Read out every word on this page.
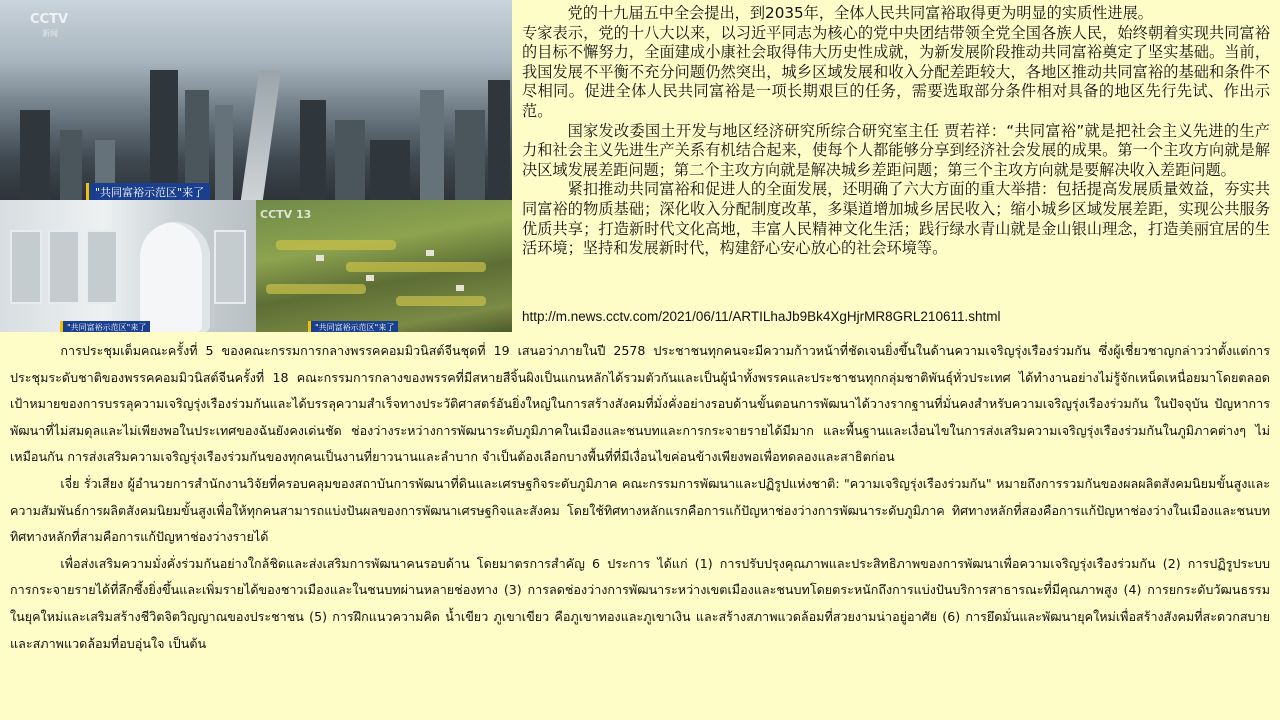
CCTV
新闻
"共同富裕示范区"来了
"共同富裕示范区"来了
CCTV 13
"共同富裕示范区"来了

党的十九届五中全会提出，到2035年，全体人民共同富裕取得更为明显的实质性进展。

专家表示，党的十八大以来，以习近平同志为核心的党中央团结带领全党全国各族人民，始终朝着实现共同富裕的目标不懈努力，全面建成小康社会取得伟大历史性成就，为新发展阶段推动共同富裕奠定了坚实基础。当前，我国发展不平衡不充分问题仍然突出，城乡区域发展和收入分配差距较大，各地区推动共同富裕的基础和条件不尽相同。促进全体人民共同富裕是一项长期艰巨的任务，需要选取部分条件相对具备的地区先行先试、作出示范。

国家发改委国土开发与地区经济研究所综合研究室主任 贾若祥：“共同富裕”就是把社会主义先进的生产力和社会主义先进生产关系有机结合起来，使每个人都能够分享到经济社会发展的成果。第一个主攻方向就是解决区域发展差距问题；第二个主攻方向就是解决城乡差距问题；第三个主攻方向就是要解决收入差距问题。

紧扣推动共同富裕和促进人的全面发展，还明确了六大方面的重大举措：包括提高发展质量效益，夯实共同富裕的物质基础；深化收入分配制度改革，多渠道增加城乡居民收入；缩小城乡区域发展差距，实现公共服务优质共享；打造新时代文化高地，丰富人民精神文化生活；践行绿水青山就是金山银山理念，打造美丽宜居的生活环境；坚持和发展新时代，构建舒心安心放心的社会环境等。

http://m.news.cctv.com/2021/06/11/ARTILhaJb9Bk4XgHjrMR8GRL210611.shtml

การประชุมเต็มคณะครั้งที่ 5 ของคณะกรรมการกลางพรรคคอมมิวนิสต์จีนชุดที่ 19 เสนอว่าภายในปี 2578 ประชาชนทุกคนจะมีความก้าวหน้าที่ชัดเจนยิ่งขึ้นในด้านความเจริญรุ่งเรืองร่วมกัน ซึ่งผู้เชี่ยวชาญกล่าวว่าตั้งแต่การประชุมระดับชาติของพรรคคอมมิวนิสต์จีนครั้งที่ 18 คณะกรรมการกลางของพรรคที่มีสหายสีจิ้นผิงเป็นแกนหลักได้รวมตัวกันและเป็นผู้นำทั้งพรรคและประชาชนทุกกลุ่มชาติพันธุ์ทั่วประเทศ ได้ทำงานอย่างไม่รู้จักเหน็ดเหนื่อยมาโดยตลอด เป้าหมายของการบรรลุความเจริญรุ่งเรืองร่วมกันและได้บรรลุความสำเร็จทางประวัติศาสตร์อันยิ่งใหญ่ในการสร้างสังคมที่มั่งคั่งอย่างรอบด้านขั้นตอนการพัฒนาได้วางรากฐานที่มั่นคงสำหรับความเจริญรุ่งเรืองร่วมกัน ในปัจจุบัน ปัญหาการพัฒนาที่ไม่สมดุลและไม่เพียงพอในประเทศของฉันยังคงเด่นชัด ช่องว่างระหว่างการพัฒนาระดับภูมิภาคในเมืองและชนบทและการกระจายรายได้มีมาก และพื้นฐานและเงื่อนไขในการส่งเสริมความเจริญรุ่งเรืองร่วมกันในภูมิภาคต่างๆ ไม่เหมือนกัน การส่งเสริมความเจริญรุ่งเรืองร่วมกันของทุกคนเป็นงานที่ยาวนานและลำบาก จำเป็นต้องเลือกบางพื้นที่ที่มีเงื่อนไขค่อนข้างเพียงพอเพื่อทดลองและสาธิตก่อน

เจี่ย รั่วเสียง ผู้อำนวยการสำนักงานวิจัยที่ครอบคลุมของสถาบันการพัฒนาที่ดินและเศรษฐกิจระดับภูมิภาค คณะกรรมการพัฒนาและปฏิรูปแห่งชาติ: "ความเจริญรุ่งเรืองร่วมกัน" หมายถึงการรวมกันของผลผลิตสังคมนิยมขั้นสูงและความสัมพันธ์การผลิตสังคมนิยมขั้นสูงเพื่อให้ทุกคนสามารถแบ่งปันผลของการพัฒนาเศรษฐกิจและสังคม โดยใช้ทิศทางหลักแรกคือการแก้ปัญหาช่องว่างการพัฒนาระดับภูมิภาค ทิศทางหลักที่สองคือการแก้ปัญหาช่องว่างในเมืองและชนบท ทิศทางหลักที่สามคือการแก้ปัญหาช่องว่างรายได้

เพื่อส่งเสริมความมั่งคั่งร่วมกันอย่างใกล้ชิดและส่งเสริมการพัฒนาคนรอบด้าน โดยมาตรการสำคัญ 6 ประการ ได้แก่ (1) การปรับปรุงคุณภาพและประสิทธิภาพของการพัฒนาเพื่อความเจริญรุ่งเรืองร่วมกัน (2) การปฏิรูประบบการกระจายรายได้ที่ลึกซึ้งยิ่งขึ้นและเพิ่มรายได้ของชาวเมืองและในชนบทผ่านหลายช่องทาง (3) การลดช่องว่างการพัฒนาระหว่างเขตเมืองและชนบทโดยตระหนักถึงการแบ่งปันบริการสาธารณะที่มีคุณภาพสูง (4) การยกระดับวัฒนธรรมในยุคใหม่และเสริมสร้างชีวิตจิตวิญญาณของประชาชน (5) การฝึกแนวความคิด น้ำเขียว ภูเขาเขียว คือภูเขาทองและภูเขาเงิน และสร้างสภาพแวดล้อมที่สวยงามน่าอยู่อาศัย (6) การยึดมั่นและพัฒนายุคใหม่เพื่อสร้างสังคมที่สะดวกสบายและสภาพแวดล้อมที่อบอุ่นใจ เป็นต้น
